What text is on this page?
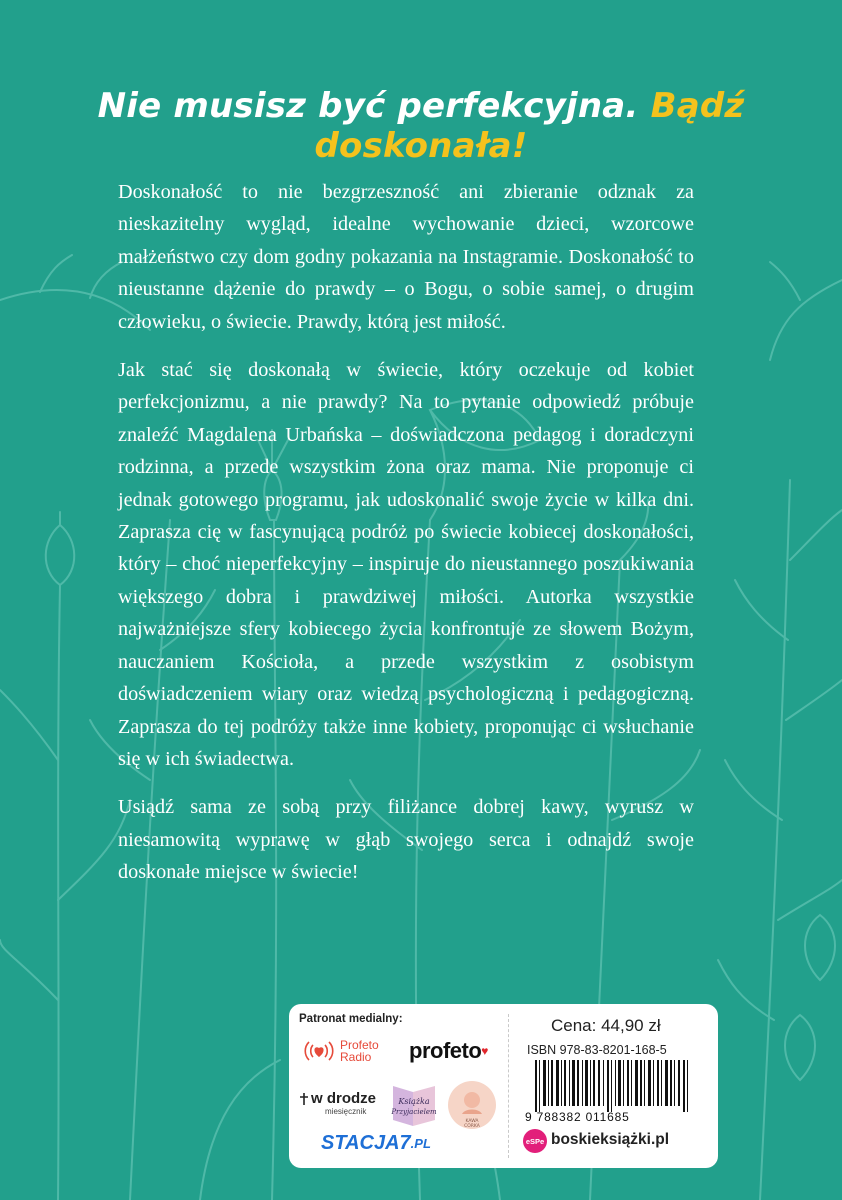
Nie musisz być perfekcyjna. Bądź doskonała!

Doskonałość to nie bezgrzeszność ani zbieranie odznak za nieskazitelny wygląd, idealne wychowanie dzieci, wzorcowe małżeństwo czy dom godny pokazania na Instagramie. Doskonałość to nieustanne dążenie do prawdy – o Bogu, o sobie samej, o drugim człowieku, o świecie. Prawdy, którą jest miłość.

Jak stać się doskonałą w świecie, który oczekuje od kobiet perfekcjonizmu, a nie prawdy? Na to pytanie odpowiedź próbuje znaleźć Magdalena Urbańska – doświadczona pedagog i doradczyni rodzinna, a przede wszystkim żona oraz mama. Nie proponuje ci jednak gotowego programu, jak udoskonalić swoje życie w kilka dni. Zaprasza cię w fascynującą podróż po świecie kobiecej doskonałości, który – choć nieperfekcyjny – inspiruje do nieustannego poszukiwania większego dobra i prawdziwej miłości. Autorka wszystkie najważniejsze sfery kobiecego życia konfrontuje ze słowem Bożym, nauczaniem Kościoła, a przede wszystkim z osobistym doświadczeniem wiary oraz wiedzą psychologiczną i pedagogiczną. Zaprasza do tej podróży także inne kobiety, proponując ci wsłuchanie się w ich świadectwa.

Usiądź sama ze sobą przy filiżance dobrej kawy, wyrusz w niesamowitą wyprawę w głąb swojego serca i odnajdź swoje doskonałe miejsce w świecie!

Patronat medialny:
Profeto
Radio	profeto ♥
w drodze
miesięcznik
Książka
Przyjacielem
KAWA
CÓRKA
STACJA7 .PL
Cena: 44,90 zł
ISBN 978-83-8201-168-5
9 788382 011685
eSPe boskieksiążki.pl
